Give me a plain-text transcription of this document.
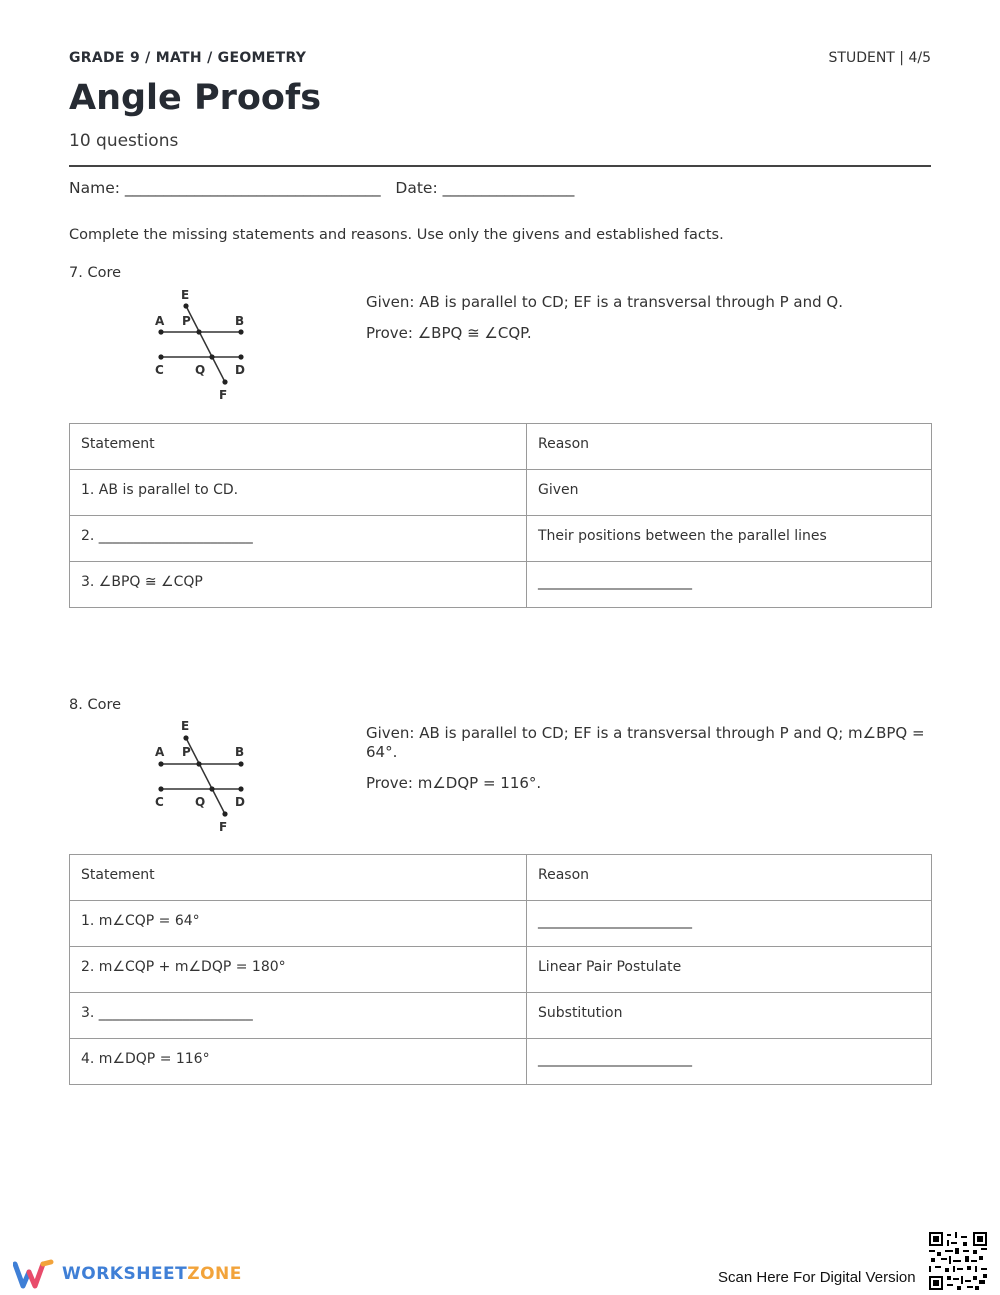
GRADE 9 / MATH / GEOMETRY	STUDENT | 4/5
Angle Proofs
10 questions
Name: _________________________________   Date: _________________
Complete the missing statements and reasons. Use only the givens and established facts.
7. Core
E
A P	B
C	Q D
F

Given: AB is parallel to CD; EF is a transversal through P and Q.

Prove: ∠BPQ ≅ ∠CQP.

Statement	Reason
1. AB is parallel to CD.	Given
2. ______________________	Their positions between the parallel lines
3. ∠BPQ ≅ ∠CQP	______________________
8. Core
E
A P	B
C	Q D
F

Given: AB is parallel to CD; EF is a transversal through P and Q; m∠BPQ = 64°.

Prove: m∠DQP = 116°.

Statement	Reason
1. m∠CQP = 64°	______________________
2. m∠CQP + m∠DQP = 180°	Linear Pair Postulate
3. ______________________	Substitution
4. m∠DQP = 116°	______________________
WORKSHEETZONE	Scan Here For Digital Version
